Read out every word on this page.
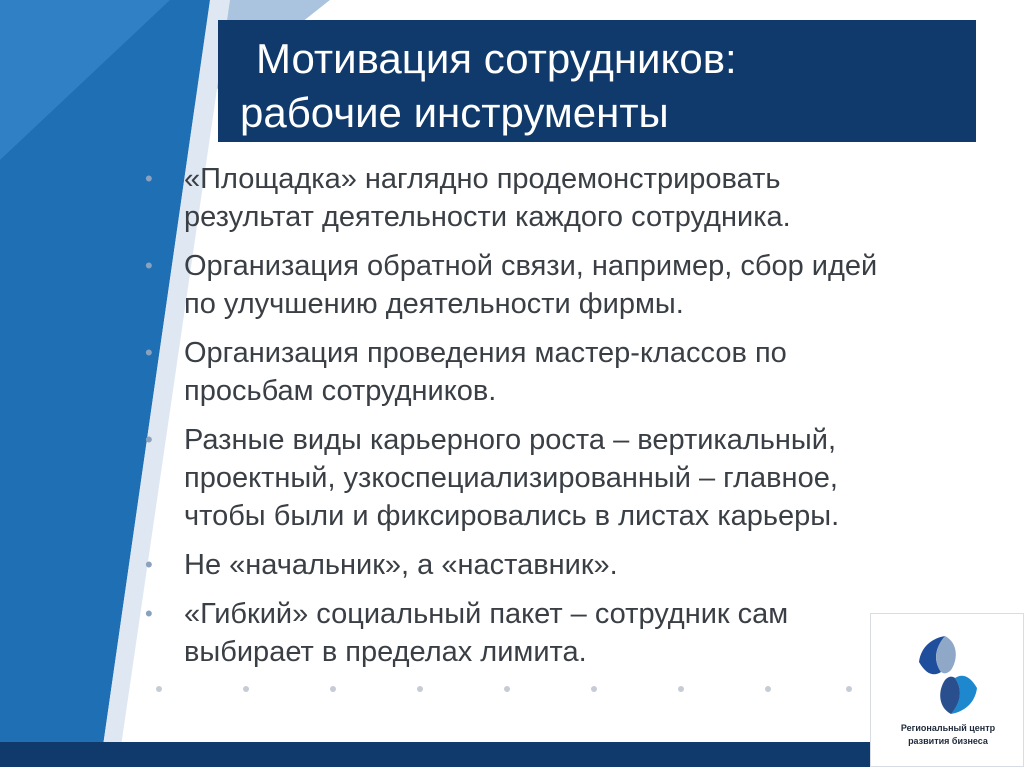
Мотивация сотрудников:
рабочие инструменты
• «Площадка» наглядно продемонстрировать
результат деятельности каждого сотрудника.
• Организация обратной связи, например, сбор идей
по улучшению деятельности фирмы.
• Организация проведения мастер-классов по
просьбам сотрудников.
• Разные виды карьерного роста – вертикальный,
проектный, узкоспециализированный – главное,
чтобы были и фиксировались в листах карьеры.
• Не «начальник», а «наставник».
• «Гибкий» социальный пакет – сотрудник сам
выбирает в пределах лимита.
Региональный центр
развития бизнеса
